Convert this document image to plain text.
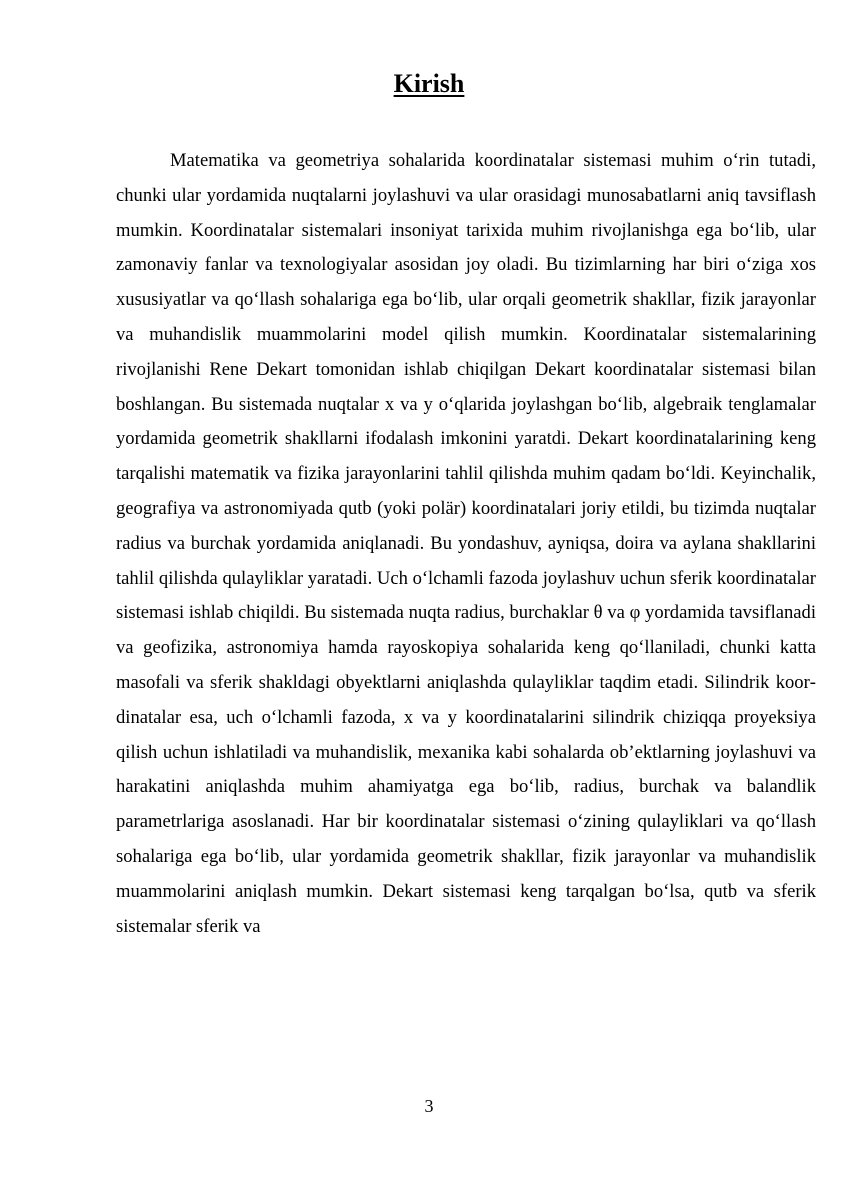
Kirish

Matematika va geometriya sohalarida koordinatalar sistemasi muhim o‘rin tutadi, chunki ular yordamida nuqtalarni joylashuvi va ular orasidagi munosabatlarni aniq tavsiflash mumkin. Koordinatalar sistemalari insoniyat tarixida muhim rivojlanishga ega bo‘lib, ular zamonaviy fanlar va texnologiyalar asosidan joy oladi. Bu tizimlarning har biri o‘ziga xos xususiyatlar va qo‘llash sohalariga ega bo‘lib, ular orqali geometrik shakllar, fizik jarayonlar va muhandislik muammolarini model qilish mumkin. Koordinatalar sistemalarining rivojlanishi Rene Dekart tomonidan ishlab chiqilgan Dekart koordinatalar sistemasi bilan boshlangan. Bu sistemada nuqtalar x va y o‘qlarida joylashgan bo‘lib, algebraik tenglamalar yordamida geometrik shakllarni ifodalash imkonini yaratdi. Dekart koordinatalarining keng tarqalishi matematik va fizika jarayonlarini tahlil qilishda muhim qadam bo‘ldi. Keyinchalik, geografiya va astronomiyada qutb (yoki polär) koordinatalari joriy etildi, bu tizimda nuqtalar radius va burchak yordamida aniqlanadi. Bu yondashuv, ayniqsa, doira va aylana shakllarini tahlil qilishda qulayliklar yaratadi. Uch o‘lchamli fazoda joylashuv uchun sferik koordinatalar sistemasi ishlab chiqildi. Bu sistemada nuqta radius, burchaklar θ va φ yordamida tavsiflanadi va geofizika, astronomiya hamda rayoskopiya sohalarida keng qo‘llaniladi, chunki katta masofali va sferik shakldagi obyektlarni aniqlashda qulayliklar taqdim etadi. Silindrik koordinatalar esa, uch o‘lchamli fazoda, x va y koordinatalarini silindrik chiziqqa proyeksiya qilish uchun ishlatiladi va muhandislik, mexanika kabi sohalarda ob’ektlarning joylashuvi va harakatini aniqlashda muhim ahamiyatga ega bo‘lib, radius, burchak va balandlik parametrlariga asoslanadi. Har bir koordinatalar sistemasi o‘zining qulayliklari va qo‘llash sohalariga ega bo‘lib, ular yordamida geometrik shakllar, fizik jarayonlar va muhandislik muammolarini aniqlash mumkin. Dekart sistemasi keng tarqalgan bo‘lsa, qutb va sferik sistemalar sferik va

3
